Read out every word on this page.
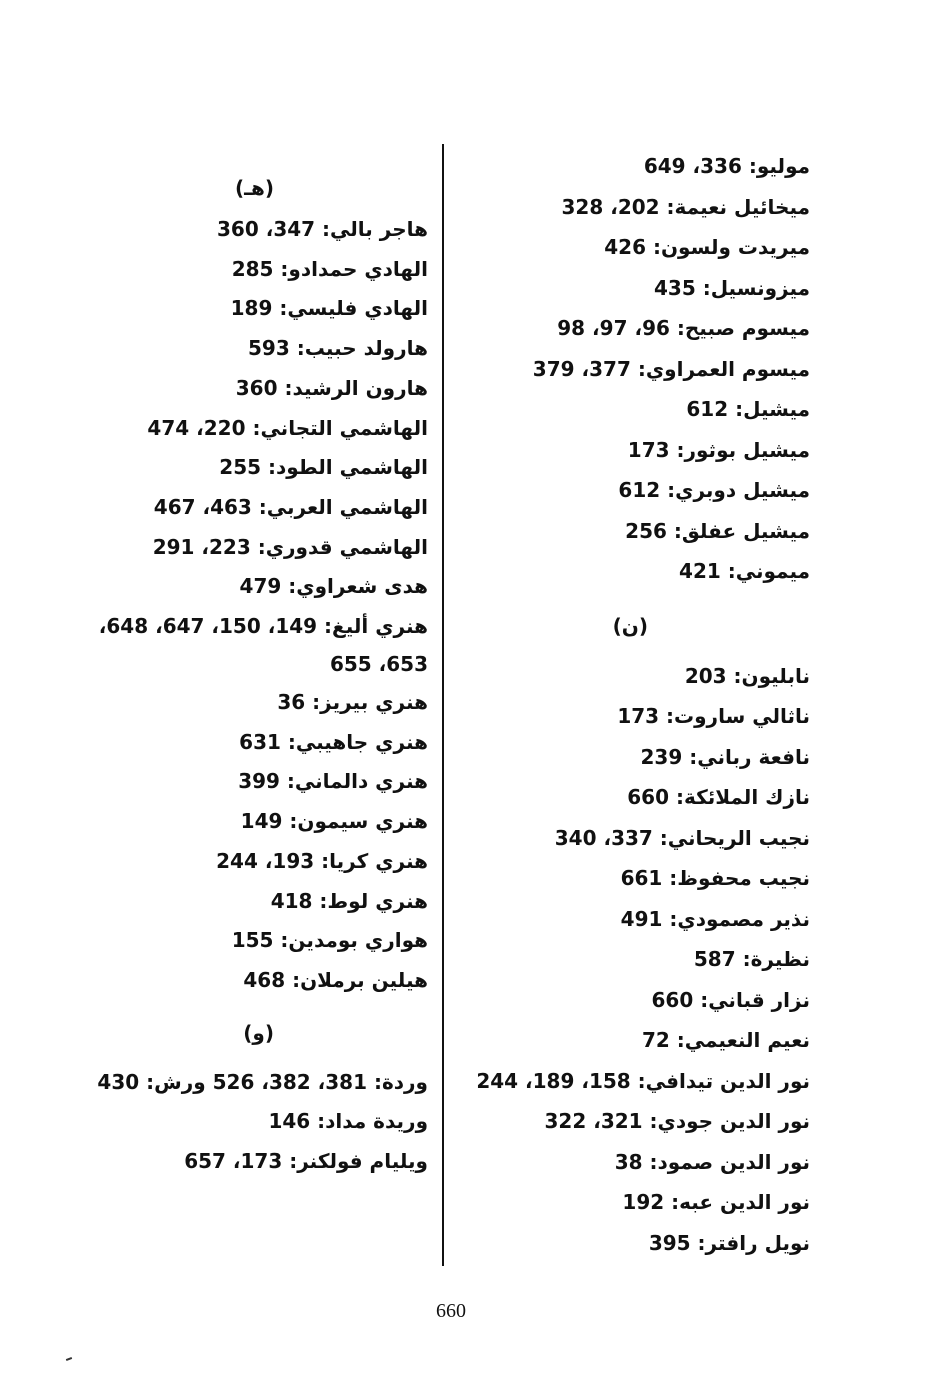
موليو: 336، 649
ميخائيل نعيمة: 202، 328
ميريدت ولسون: 426
ميزونسيل: 435
ميسوم صبيح: 96، 97، 98
ميسوم العمراوي: 377، 379
ميشيل: 612
ميشيل بوثور: 173
ميشيل دوبري: 612
ميشيل عفلق: 256
ميموني: 421
(ن)
نابليون: 203
ناثالي ساروت: 173
نافعة رباني: 239
نازك الملائكة: 660
نجيب الريحاني: 337، 340
نجيب محفوظ: 661
نذير مصمودي: 491
نظيرة: 587
نزار قباني: 660
نعيم النعيمي: 72
نور الدين تيدافي: 158، 189، 244
نور الدين جودي: 321، 322
نور الدين صمود: 38
نور الدين عبه: 192
نويل رافتر: 395
(هـ)
هاجر بالي: 347، 360
الهادي حمدادو: 285
الهادي فليسي: 189
هارولد حبيب: 593
هارون الرشيد: 360
الهاشمي التجاني: 220، 474
الهاشمي الطود: 255
الهاشمي العربي: 463، 467
الهاشمي قدوري: 223، 291
هدى شعراوي: 479
هنري أليغ: 149، 150، 647، 648، 653، 655
هنري بيريز: 36
هنري جاهيبي: 631
هنري دالماني: 399
هنري سيمون: 149
هنري كريا: 193، 244
هنري لوط: 418
هواري بومدين: 155
هيلين برملان: 468
(و)
وردة: 381، 382، 526 ورش: 430
وريدة مداد: 146
ويليام فولكنر: 173، 657
660
